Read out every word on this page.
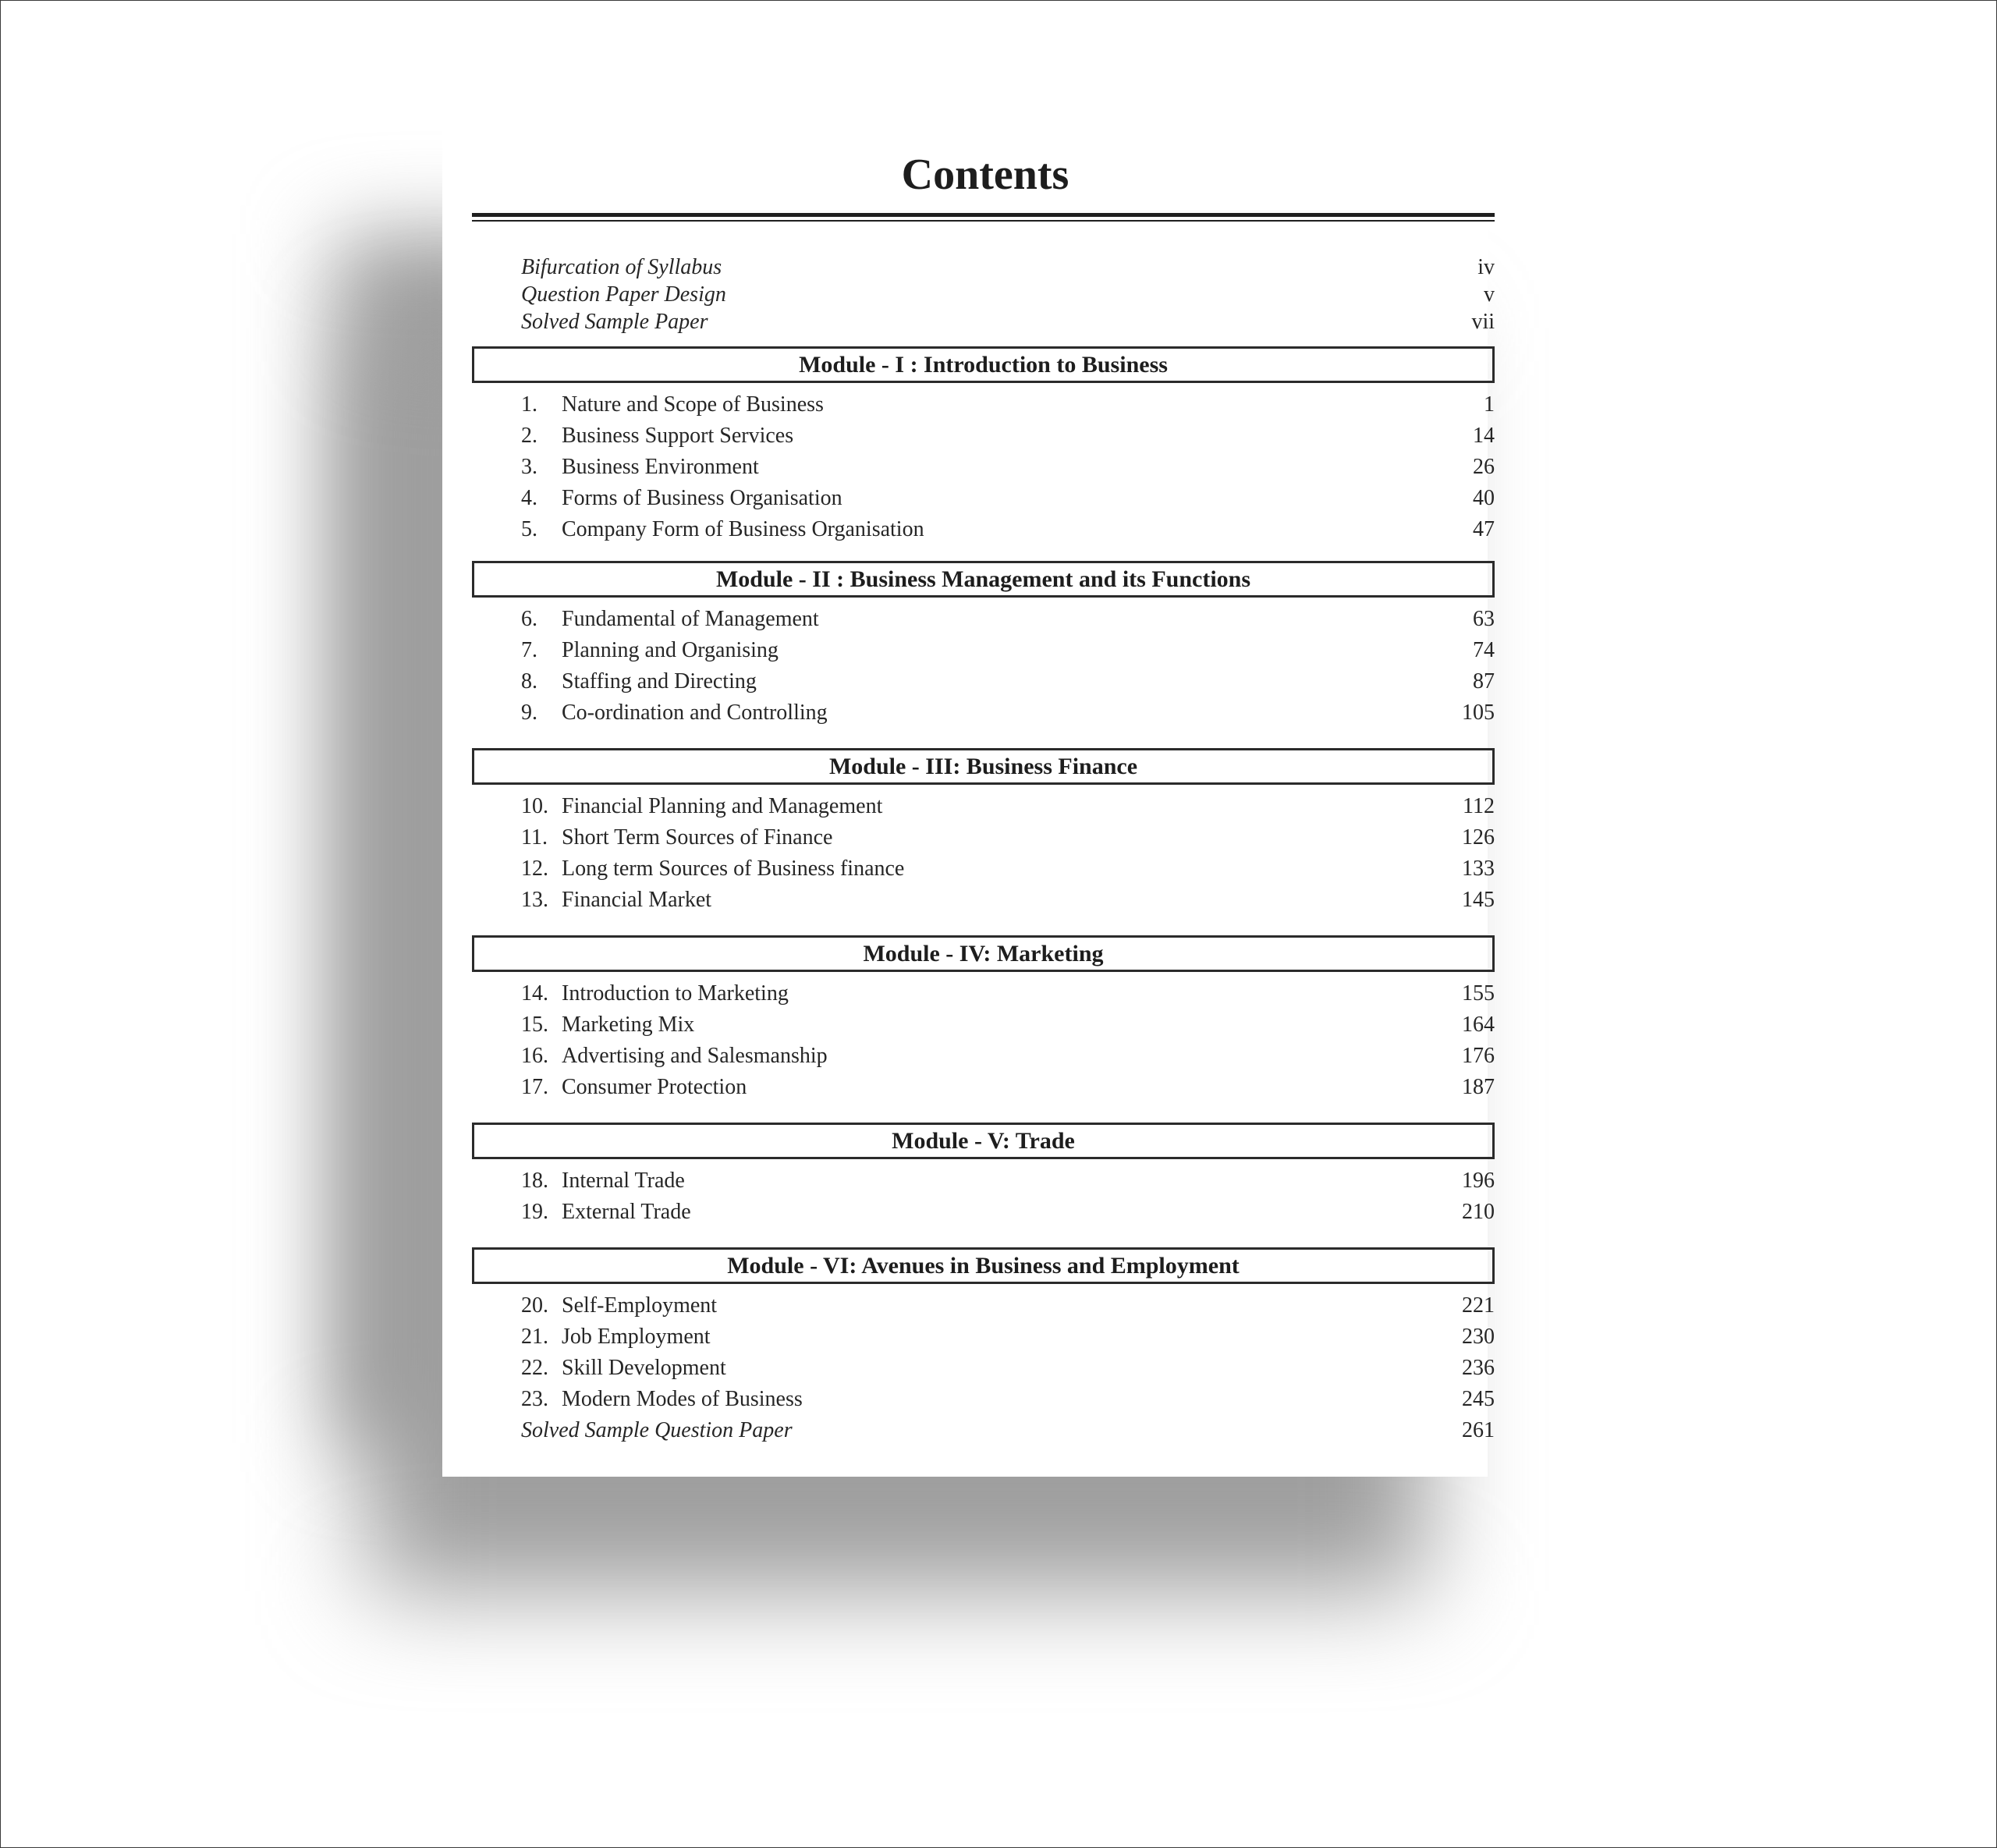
Contents
Bifurcation of Syllabus	iv
Question Paper Design	v
Solved Sample Paper	vii
Module - I : Introduction to Business
1.	Nature and Scope of Business	1
2.	Business Support Services	14
3.	Business Environment	26
4.	Forms of Business Organisation	40
5.	Company Form of Business Organisation	47
Module - II : Business Management and its Functions
6.	Fundamental of Management	63
7.	Planning and Organising	74
8.	Staffing and Directing	87
9.	Co-ordination and Controlling	105
Module - III: Business Finance
10. Financial Planning and Management	112
11. Short Term Sources of Finance	126
12. Long term Sources of Business finance	133
13. Financial Market	145
Module - IV: Marketing
14. Introduction to Marketing	155
15. Marketing Mix	164
16. Advertising and Salesmanship	176
17. Consumer Protection	187
Module - V: Trade
18. Internal Trade	196
19. External Trade	210
Module - VI: Avenues in Business and Employment
20. Self-Employment	221
21. Job Employment	230
22. Skill Development	236
23. Modern Modes of Business	245
Solved Sample Question Paper	261
